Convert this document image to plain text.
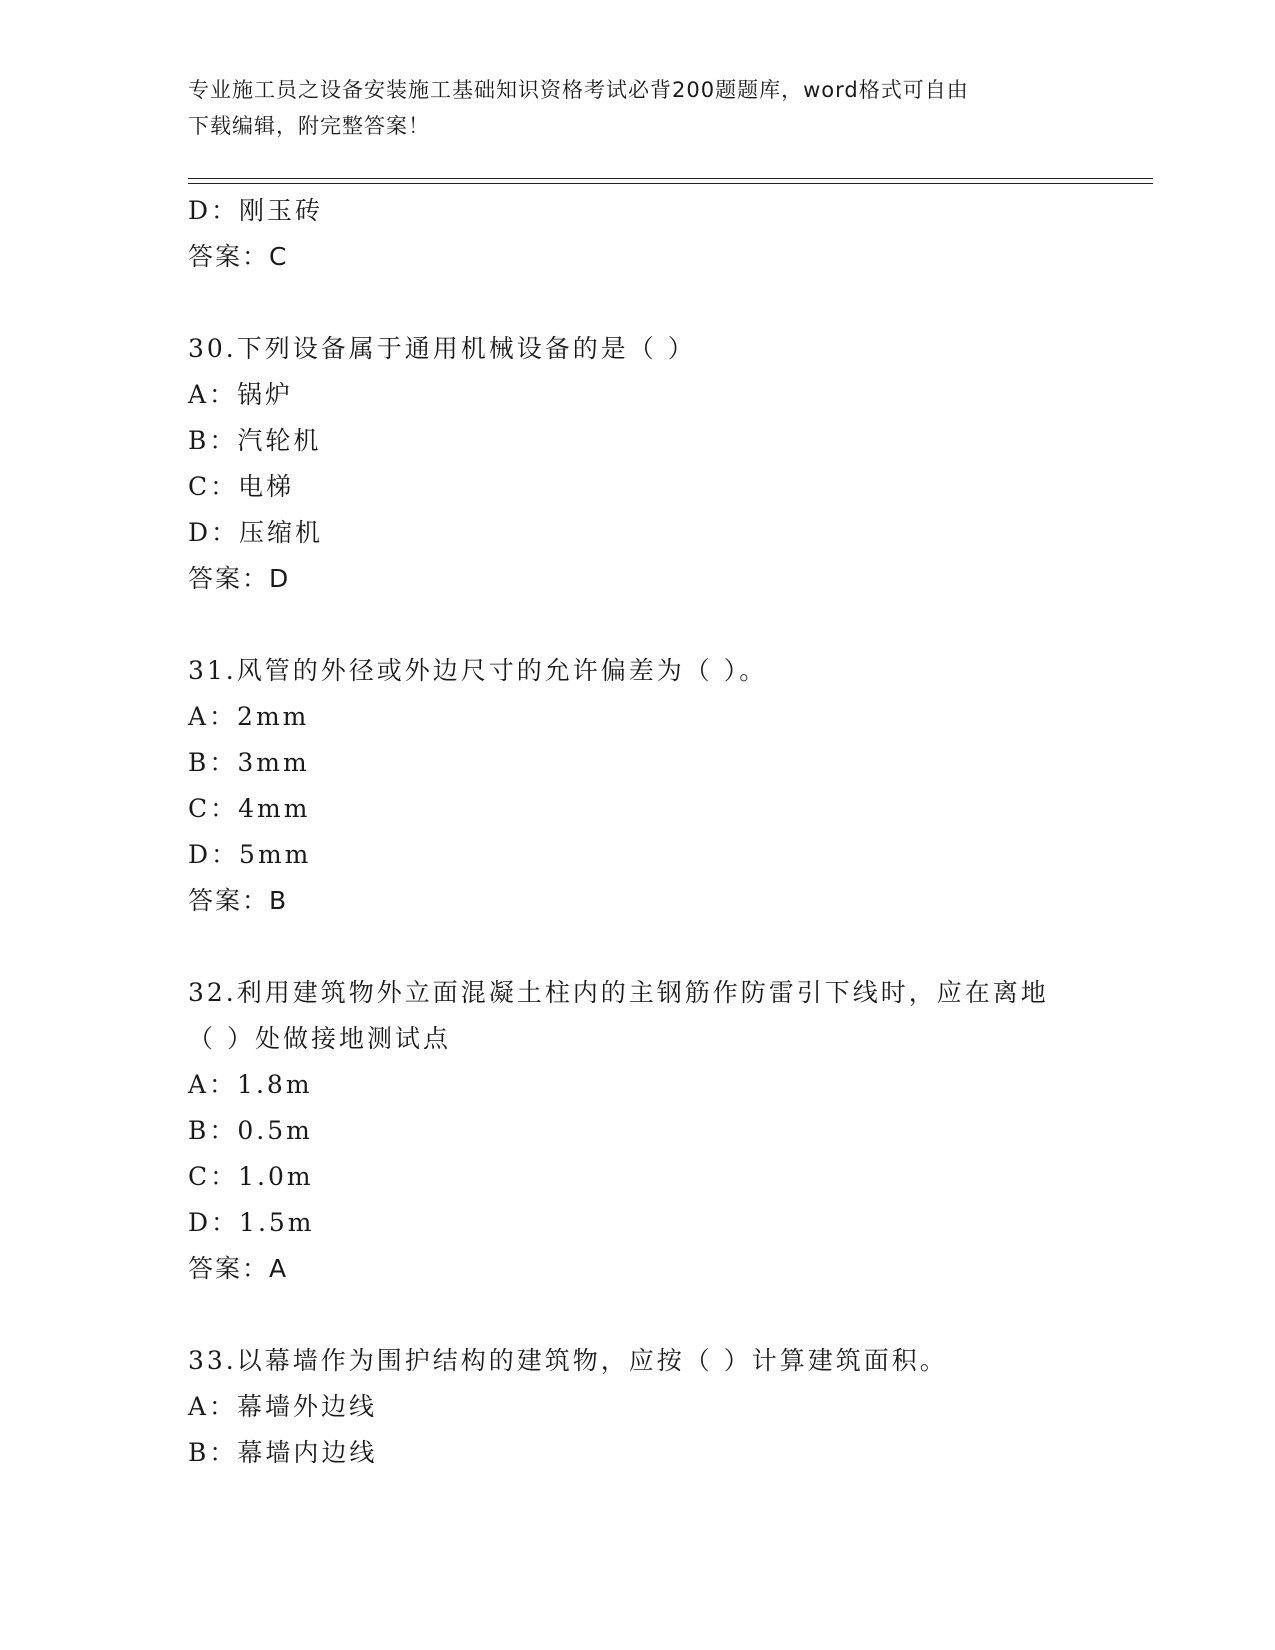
专业施工员之设备安装施工基础知识资格考试必背200题题库，word格式可自由
下载编辑，附完整答案！
D：刚玉砖
答案：C
30.下列设备属于通用机械设备的是（ ）
A：锅炉
B：汽轮机
C：电梯
D：压缩机
答案：D
31.风管的外径或外边尺寸的允许偏差为（ ）。
A：2mm
B：3mm
C：4mm
D：5mm
答案：B
32.利用建筑物外立面混凝土柱内的主钢筋作防雷引下线时，应在离地
（ ）处做接地测试点
A：1.8m
B：0.5m
C：1.0m
D：1.5m
答案：A
33.以幕墙作为围护结构的建筑物，应按（ ）计算建筑面积。
A：幕墙外边线
B：幕墙内边线
